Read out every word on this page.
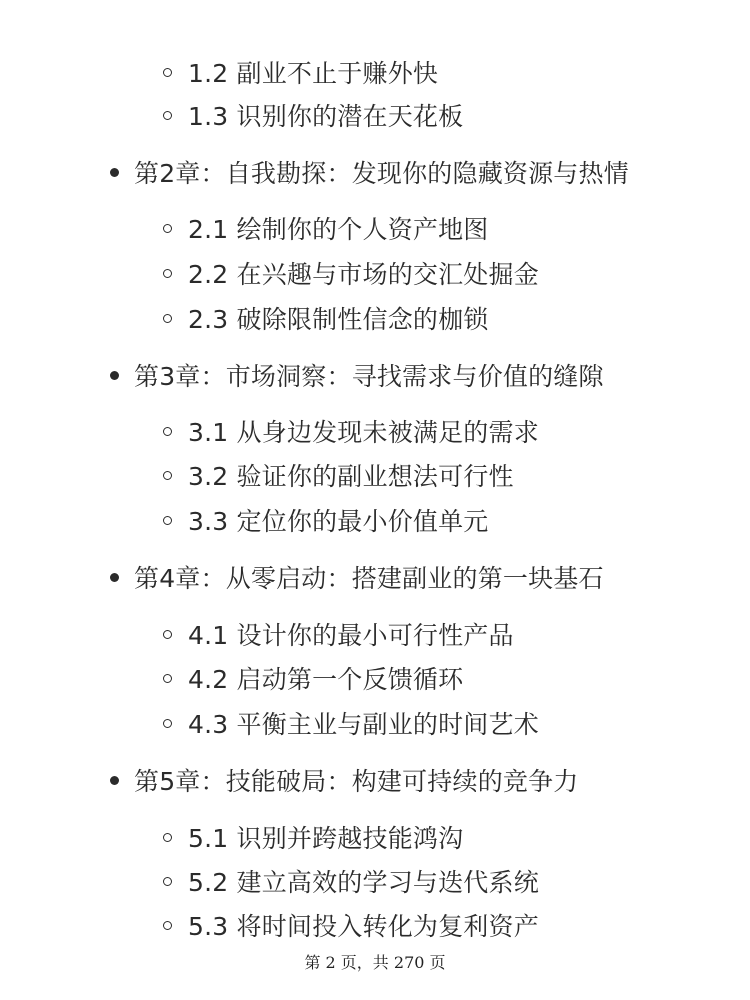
1.2 副业不止于赚外快
1.3 识别你的潜在天花板
第2章：自我勘探：发现你的隐藏资源与热情
2.1 绘制你的个人资产地图
2.2 在兴趣与市场的交汇处掘金
2.3 破除限制性信念的枷锁
第3章：市场洞察：寻找需求与价值的缝隙
3.1 从身边发现未被满足的需求
3.2 验证你的副业想法可行性
3.3 定位你的最小价值单元
第4章：从零启动：搭建副业的第一块基石
4.1 设计你的最小可行性产品
4.2 启动第一个反馈循环
4.3 平衡主业与副业的时间艺术
第5章：技能破局：构建可持续的竞争力
5.1 识别并跨越技能鸿沟
5.2 建立高效的学习与迭代系统
5.3 将时间投入转化为复利资产
第 2 页，共 270 页
